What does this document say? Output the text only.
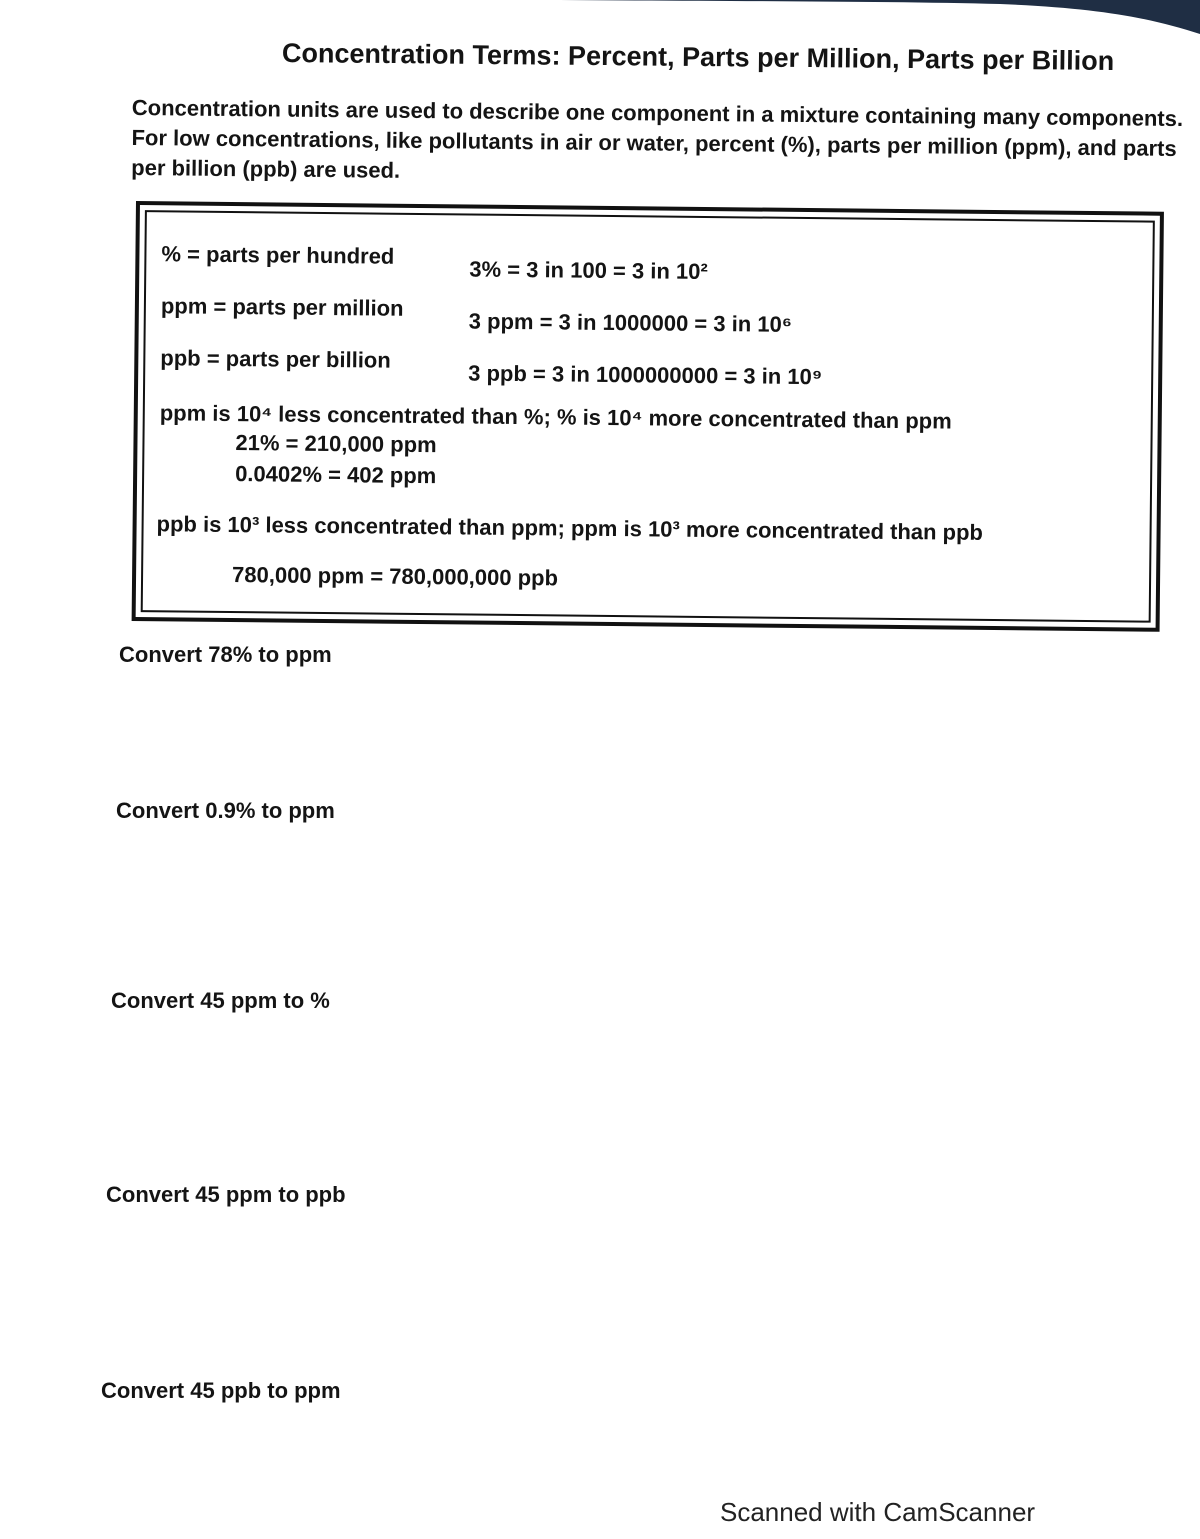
Concentration Terms: Percent, Parts per Million, Parts per Billion
Concentration units are used to describe one component in a mixture containing many components.
For low concentrations, like pollutants in air or water, percent (%), parts per million (ppm), and parts
per billion (ppb) are used.
% = parts per hundred
3% = 3 in 100 = 3 in 10²
ppm = parts per million
3 ppm = 3 in 1000000 = 3 in 10⁶
ppb = parts per billion
3 ppb = 3 in 1000000000 = 3 in 10⁹
ppm is 10⁴ less concentrated than %; % is 10⁴ more concentrated than ppm
21% = 210,000 ppm
0.0402% = 402 ppm
ppb is 10³ less concentrated than ppm; ppm is 10³ more concentrated than ppb
780,000 ppm = 780,000,000 ppb
Convert 78% to ppm
Convert 0.9% to ppm
Convert 45 ppm to %
Convert 45 ppm to ppb
Convert 45 ppb to ppm
Scanned with CamScanner
